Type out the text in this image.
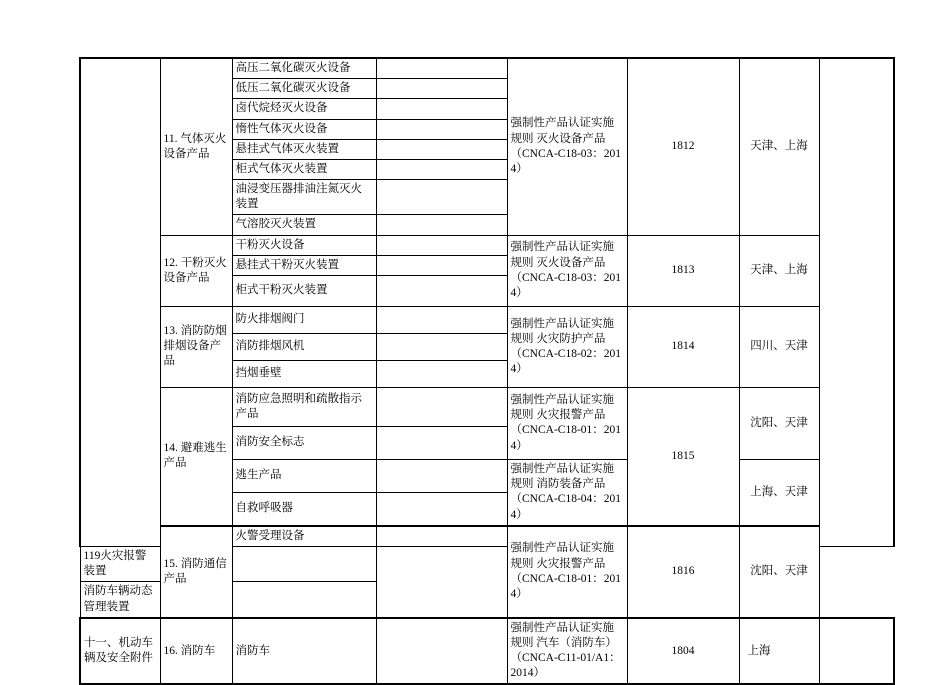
	11. 气体灭火设备产品	高压二氧化碳灭火设备		强制性产品认证实施规则 灭火设备产品（CNCA-C18-03：2014）	1812	天津、上海	
		低压二氧化碳灭火设备					
		卤代烷烃灭火设备					
		惰性气体灭火设备					
		悬挂式气体灭火装置					
		柜式气体灭火装置					
		油浸变压器排油注氮灭火装置					
		气溶胶灭火装置					
	12. 干粉灭火设备产品	干粉灭火设备		强制性产品认证实施规则 灭火设备产品（CNCA-C18-03：2014）	1813	天津、上海	
		悬挂式干粉灭火装置					
		柜式干粉灭火装置					
	13. 消防防烟排烟设备产品	防火排烟阀门		强制性产品认证实施规则 火灾防护产品（CNCA-C18-02：2014）	1814	四川、天津	
		消防排烟风机					
		挡烟垂壁					
	14. 避难逃生产品	消防应急照明和疏散指示产品		强制性产品认证实施规则 火灾报警产品（CNCA-C18-01：2014）	1815	沈阳、天津	
		消防安全标志					
		逃生产品		强制性产品认证实施规则 消防装备产品（CNCA-C18-04：2014）		上海、天津	
		自救呼吸器					
	15. 消防通信产品	火警受理设备		强制性产品认证实施规则 火灾报警产品（CNCA-C18-01：2014）	1816	沈阳、天津	
119火灾报警装置							
消防车辆动态管理装置							
十一、机动车辆及安全附件	16. 消防车	消防车		强制性产品认证实施规则 汽车（消防车）（CNCA-C11-01/A1：2014）	1804	上海	
